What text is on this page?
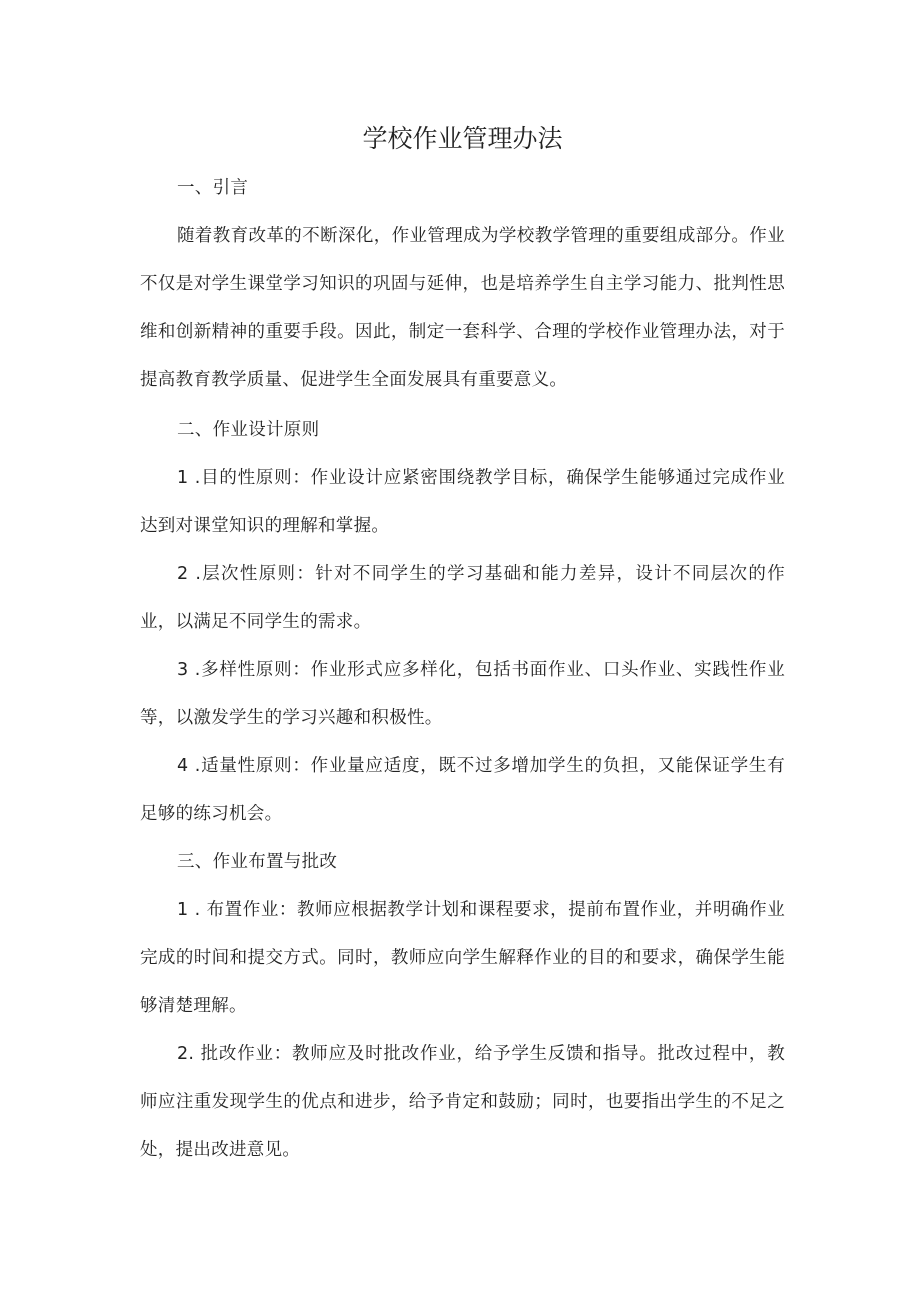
学校作业管理办法

一、引言

随着教育改革的不断深化，作业管理成为学校教学管理的重要组成部分。作业不仅是对学生课堂学习知识的巩固与延伸，也是培养学生自主学习能力、批判性思维和创新精神的重要手段。因此，制定一套科学、合理的学校作业管理办法，对于提高教育教学质量、促进学生全面发展具有重要意义。

二、作业设计原则

1 .目的性原则：作业设计应紧密围绕教学目标，确保学生能够通过完成作业达到对课堂知识的理解和掌握。

2 .层次性原则：针对不同学生的学习基础和能力差异，设计不同层次的作业，以满足不同学生的需求。

3 .多样性原则：作业形式应多样化，包括书面作业、口头作业、实践性作业等，以激发学生的学习兴趣和积极性。

4 .适量性原则：作业量应适度，既不过多增加学生的负担，又能保证学生有足够的练习机会。

三、作业布置与批改

1 . 布置作业：教师应根据教学计划和课程要求，提前布置作业，并明确作业完成的时间和提交方式。同时，教师应向学生解释作业的目的和要求，确保学生能够清楚理解。

2. 批改作业：教师应及时批改作业，给予学生反馈和指导。批改过程中，教师应注重发现学生的优点和进步，给予肯定和鼓励；同时，也要指出学生的不足之处，提出改进意见。
